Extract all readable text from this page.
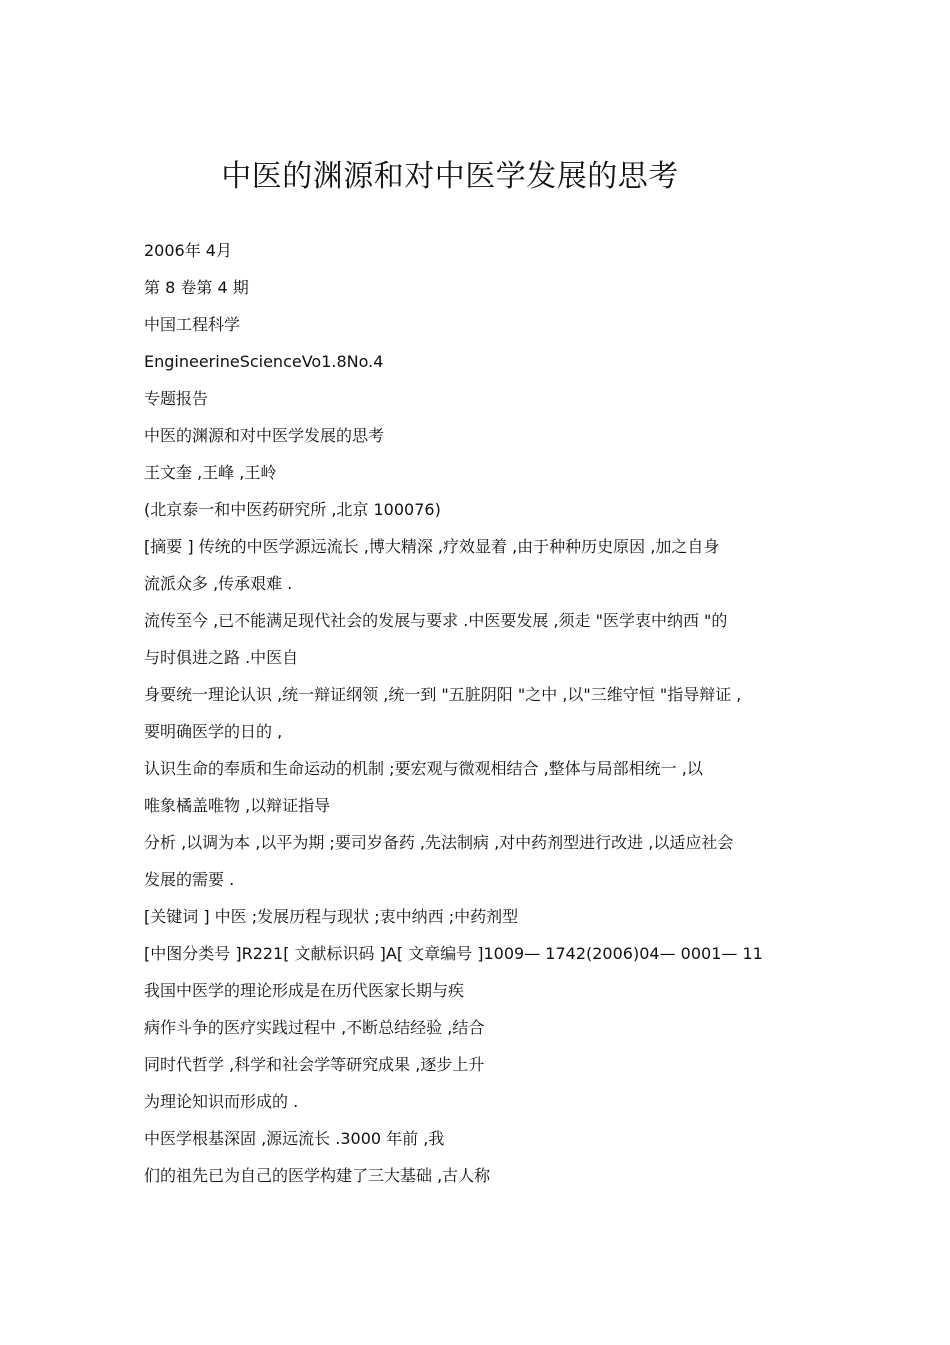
中医的渊源和对中医学发展的思考
2006年 4月
第 8 卷第 4 期
中国工程科学
EngineerineScienceVo1.8No.4
专题报告
中医的渊源和对中医学发展的思考
王文奎 ,王峰 ,王岭
(北京泰一和中医药研究所 ,北京 100076)
[摘要 ] 传统的中医学源远流长 ,博大精深 ,疗效显着 ,由于种种历史原因 ,加之自身
流派众多 ,传承艰难 .
流传至今 ,已不能满足现代社会的发展与要求 .中医要发展 ,须走 "医学衷中纳西 "的
与时俱进之路 .中医自
身要统一理论认识 ,统一辩证纲领 ,统一到 "五脏阴阳 "之中 ,以"三维守恒 "指导辩证 ,
要明确医学的日的 ,
认识生命的奉质和生命运动的机制 ;要宏观与微观相结合 ,整体与局部相统一 ,以
唯象橘盖唯物 ,以辩证指导
分析 ,以调为本 ,以平为期 ;要司岁备药 ,先法制病 ,对中药剂型进行改进 ,以适应社会
发展的需要 .
[关键词 ] 中医 ;发展历程与现状 ;衷中纳西 ;中药剂型
[中图分类号 ]R221[ 文献标识码 ]A[ 文章编号 ]1009— 1742(2006)04— 0001— 11
我国中医学的理论形成是在历代医家长期与疾
病作斗争的医疗实践过程中 ,不断总结经验 ,结合
同时代哲学 ,科学和社会学等研究成果 ,逐步上升
为理论知识而形成的 .
中医学根基深固 ,源远流长 .3000 年前 ,我
们的祖先已为自己的医学构建了三大基础 ,古人称
